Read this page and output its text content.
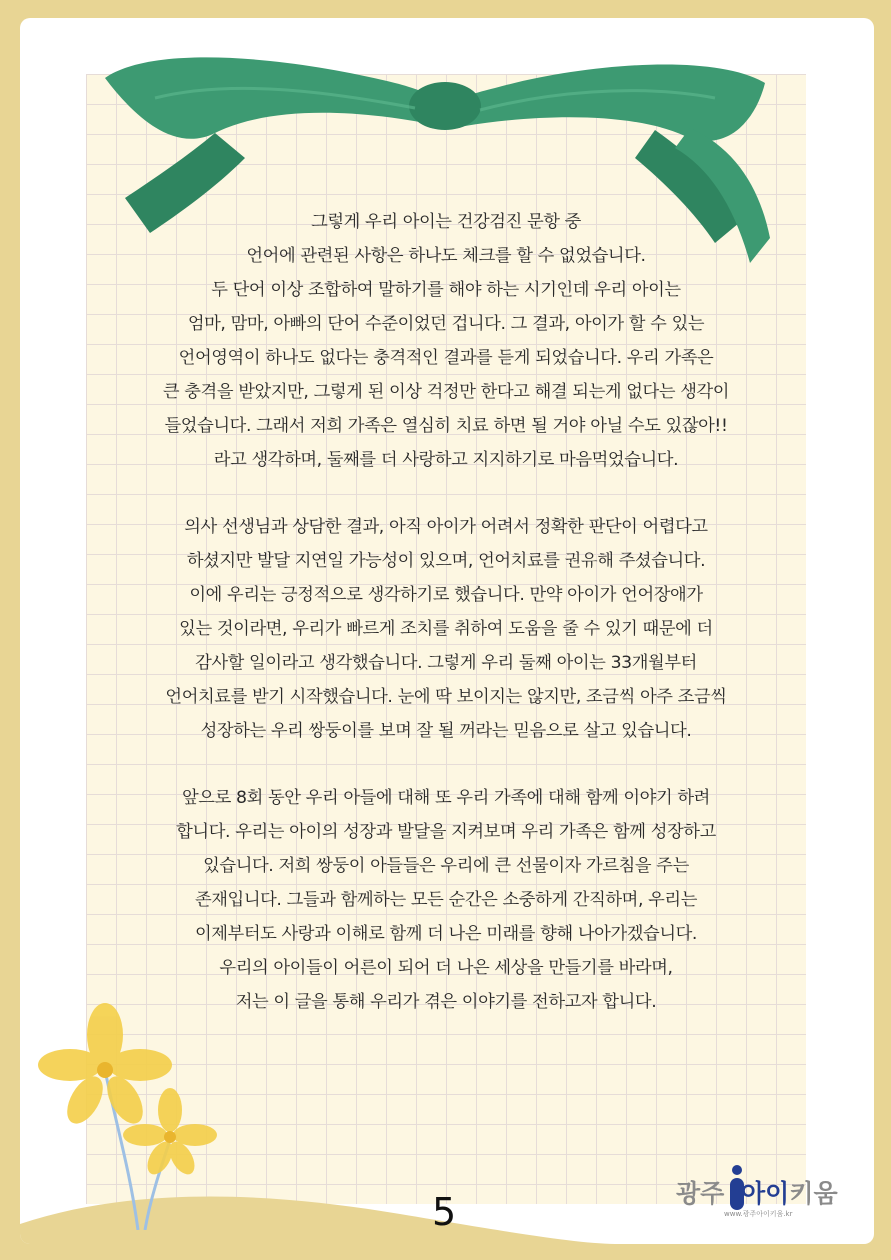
그렇게 우리 아이는 건강검진 문항 중
언어에 관련된 사항은 하나도 체크를 할 수 없었습니다.
두 단어 이상 조합하여 말하기를 해야 하는 시기인데 우리 아이는
엄마, 맘마, 아빠의 단어 수준이었던 겁니다. 그 결과, 아이가 할 수 있는
언어영역이 하나도 없다는 충격적인 결과를 듣게 되었습니다. 우리 가족은
큰 충격을 받았지만, 그렇게 된 이상 걱정만 한다고 해결 되는게 없다는 생각이
들었습니다. 그래서 저희 가족은 열심히 치료 하면 될 거야 아닐 수도 있잖아!!
라고 생각하며, 둘째를 더 사랑하고 지지하기로 마음먹었습니다.
의사 선생님과 상담한 결과, 아직 아이가 어려서 정확한 판단이 어렵다고
하셨지만 발달 지연일 가능성이 있으며, 언어치료를 권유해 주셨습니다.
이에 우리는 긍정적으로 생각하기로 했습니다. 만약 아이가 언어장애가
있는 것이라면, 우리가 빠르게 조치를 취하여 도움을 줄 수 있기 때문에 더
감사할 일이라고 생각했습니다. 그렇게 우리 둘째 아이는 33개월부터
언어치료를 받기 시작했습니다. 눈에 딱 보이지는 않지만, 조금씩 아주 조금씩
성장하는 우리 쌍둥이를 보며 잘 될 꺼라는 믿음으로 살고 있습니다.
앞으로 8회 동안 우리 아들에 대해 또 우리 가족에 대해 함께 이야기 하려
합니다. 우리는 아이의 성장과 발달을 지켜보며 우리 가족은 함께 성장하고
있습니다. 저희 쌍둥이 아들들은 우리에 큰 선물이자 가르침을 주는
존재입니다. 그들과 함께하는 모든 순간은 소중하게 간직하며, 우리는
이제부터도 사랑과 이해로 함께 더 나은 미래를 향해 나아가겠습니다.
우리의 아이들이 어른이 되어 더 나은 세상을 만들기를 바라며,
저는 이 글을 통해 우리가 겪은 이야기를 전하고자 합니다.
5	광주 아이키움
www.광주아이키움.kr
